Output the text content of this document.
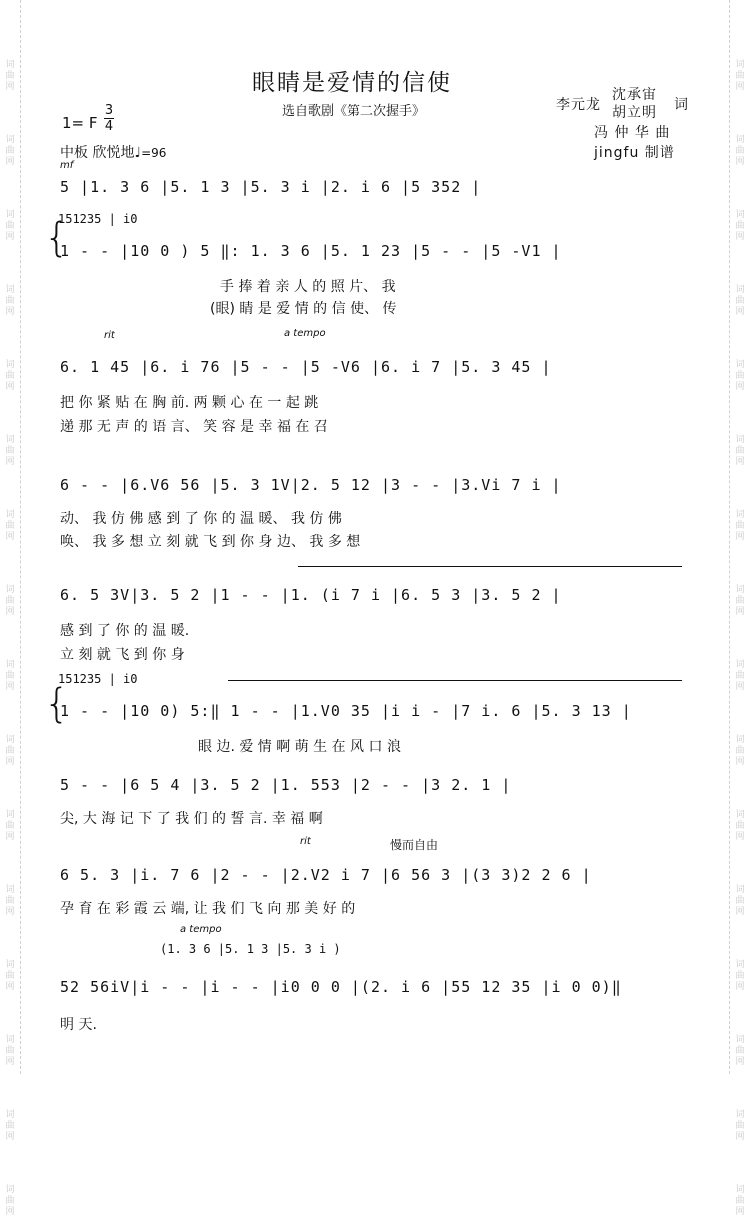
词
曲
网
词
曲
网
词
曲
网
词
曲
网
词
曲
网
词
曲
网
词
曲
网
词
曲
网
词
曲
网
词
曲
网
词
曲
网
词
曲
网
词
曲
网
词
曲
网
词
曲
网
词
曲
网
词
曲
网
词
曲
网
词
曲
网
词
曲
网
词
曲
网
词
曲
网
词
曲
网
词
曲
网
词
曲
网
词
曲
网
词
曲
网
词
曲
网
词
曲
网
词
曲
网
词
曲
网
词
曲
网
眼睛是爱情的信使
选自歌剧《第二次握手》
沈承宙
李元龙 胡立明 词
冯 仲 华 曲
jingfu 制谱
1= F
3
4
中板 欣悦地♩=96
mf
5 |1. 3 6 |5. 1 3 |5. 3 i |2. i 6 |5 352 |
{
151235 | i0
1 - - |10 0 ) 5 ‖: 1. 3 6 |5. 1 23 |5 - - |5 -V1 |
手 捧 着 亲 人 的 照 片、 我
(眼) 睛 是 爱 情 的 信 使、 传
rit	a tempo
6. 1 45 |6. i 76 |5 - - |5 -V6 |6. i 7 |5. 3 45 |
把 你 紧 贴 在 胸 前. 两 颗 心 在 一 起 跳
递 那 无 声 的 语 言、 笑 容 是 幸 福 在 召
6 - - |6.V6 56 |5. 3 1V|2. 5 12 |3 - - |3.Vi 7 i |
动、 我 仿 佛 感 到 了 你 的 温 暖、 我 仿 佛
唤、 我 多 想 立 刻 就 飞 到 你 身 边、 我 多 想
6. 5 3V|3. 5 2 |1 - - |1. (i 7 i |6. 5 3 |3. 5 2 |
感 到 了 你 的 温 暖.
立 刻 就 飞 到 你 身
{
151235 | i0
1 - - |10 0) 5:‖ 1 - - |1.V0 35 |i i - |7 i. 6 |5. 3 13 |
眼 边. 爱 情 啊 萌 生 在 风 口 浪
5 - - |6 5 4 |3. 5 2 |1. 553 |2 - - |3 2. 1 |
尖, 大 海 记 下 了 我 们 的 誓 言. 幸 福 啊
rit	慢而自由
6 5. 3 |i. 7 6 |2 - - |2.V2 i 7 |6 56 3 |(3 3)2 2 6 |
孕 育 在 彩 霞 云 端, 让 我 们 飞 向 那 美 好 的
a tempo
(1. 3 6 |5. 1 3 |5. 3 i )
52 56iV|i - - |i - - |i0 0 0 |(2. i 6 |55 12 35 |i 0 0)‖
明 天.
